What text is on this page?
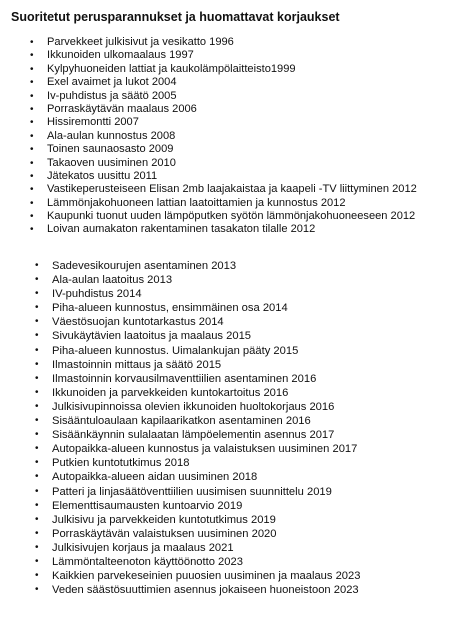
Suoritetut perusparannukset ja huomattavat korjaukset
• Parvekkeet julkisivut ja vesikatto 1996
• Ikkunoiden ulkomaalaus 1997
• Kylpyhuoneiden lattiat ja kaukolämpölaitteisto1999
• Exel avaimet ja lukot 2004
• Iv-puhdistus ja säätö 2005
• Porraskäytävän maalaus 2006
• Hissiremontti 2007
• Ala-aulan kunnostus 2008
• Toinen saunaosasto 2009
• Takaoven uusiminen 2010
• Jätekatos uusittu 2011
• Vastikeperusteiseen Elisan 2mb laajakaistaa ja kaapeli -TV liittyminen 2012
• Lämmönjakohuoneen lattian laatoittamien ja kunnostus 2012
• Kaupunki tuonut uuden lämpöputken syötön lämmönjakohuoneeseen 2012
• Loivan aumakaton rakentaminen tasakaton tilalle 2012
• Sadevesikourujen asentaminen 2013
• Ala-aulan laatoitus 2013
• IV-puhdistus 2014
• Piha-alueen kunnostus, ensimmäinen osa 2014
• Väestösuojan kuntotarkastus 2014
• Sivukäytävien laatoitus ja maalaus 2015
• Piha-alueen kunnostus. Uimalankujan pääty 2015
• Ilmastoinnin mittaus ja säätö 2015
• Ilmastoinnin korvausilmaventtiilien asentaminen 2016
• Ikkunoiden ja parvekkeiden kuntokartoitus 2016
• Julkisivupinnoissa olevien ikkunoiden huoltokorjaus 2016
• Sisääntuloaulaan kapilaarikatkon asentaminen 2016
• Sisäänkäynnin sulalaatan lämpöelementin asennus 2017
• Autopaikka-alueen kunnostus ja valaistuksen uusiminen 2017
• Putkien kuntotutkimus 2018
• Autopaikka-alueen aidan uusiminen 2018
• Patteri ja linjasäätöventtiilien uusimisen suunnittelu 2019
• Elementtisaumausten kuntoarvio 2019
• Julkisivu ja parvekkeiden kuntotutkimus 2019
• Porraskäytävän valaistuksen uusiminen 2020
• Julkisivujen korjaus ja maalaus 2021
• Lämmöntalteenoton käyttöönotto 2023
• Kaikkien parvekeseinien puuosien uusiminen ja maalaus 2023
• Veden säästösuuttimien asennus jokaiseen huoneistoon 2023
